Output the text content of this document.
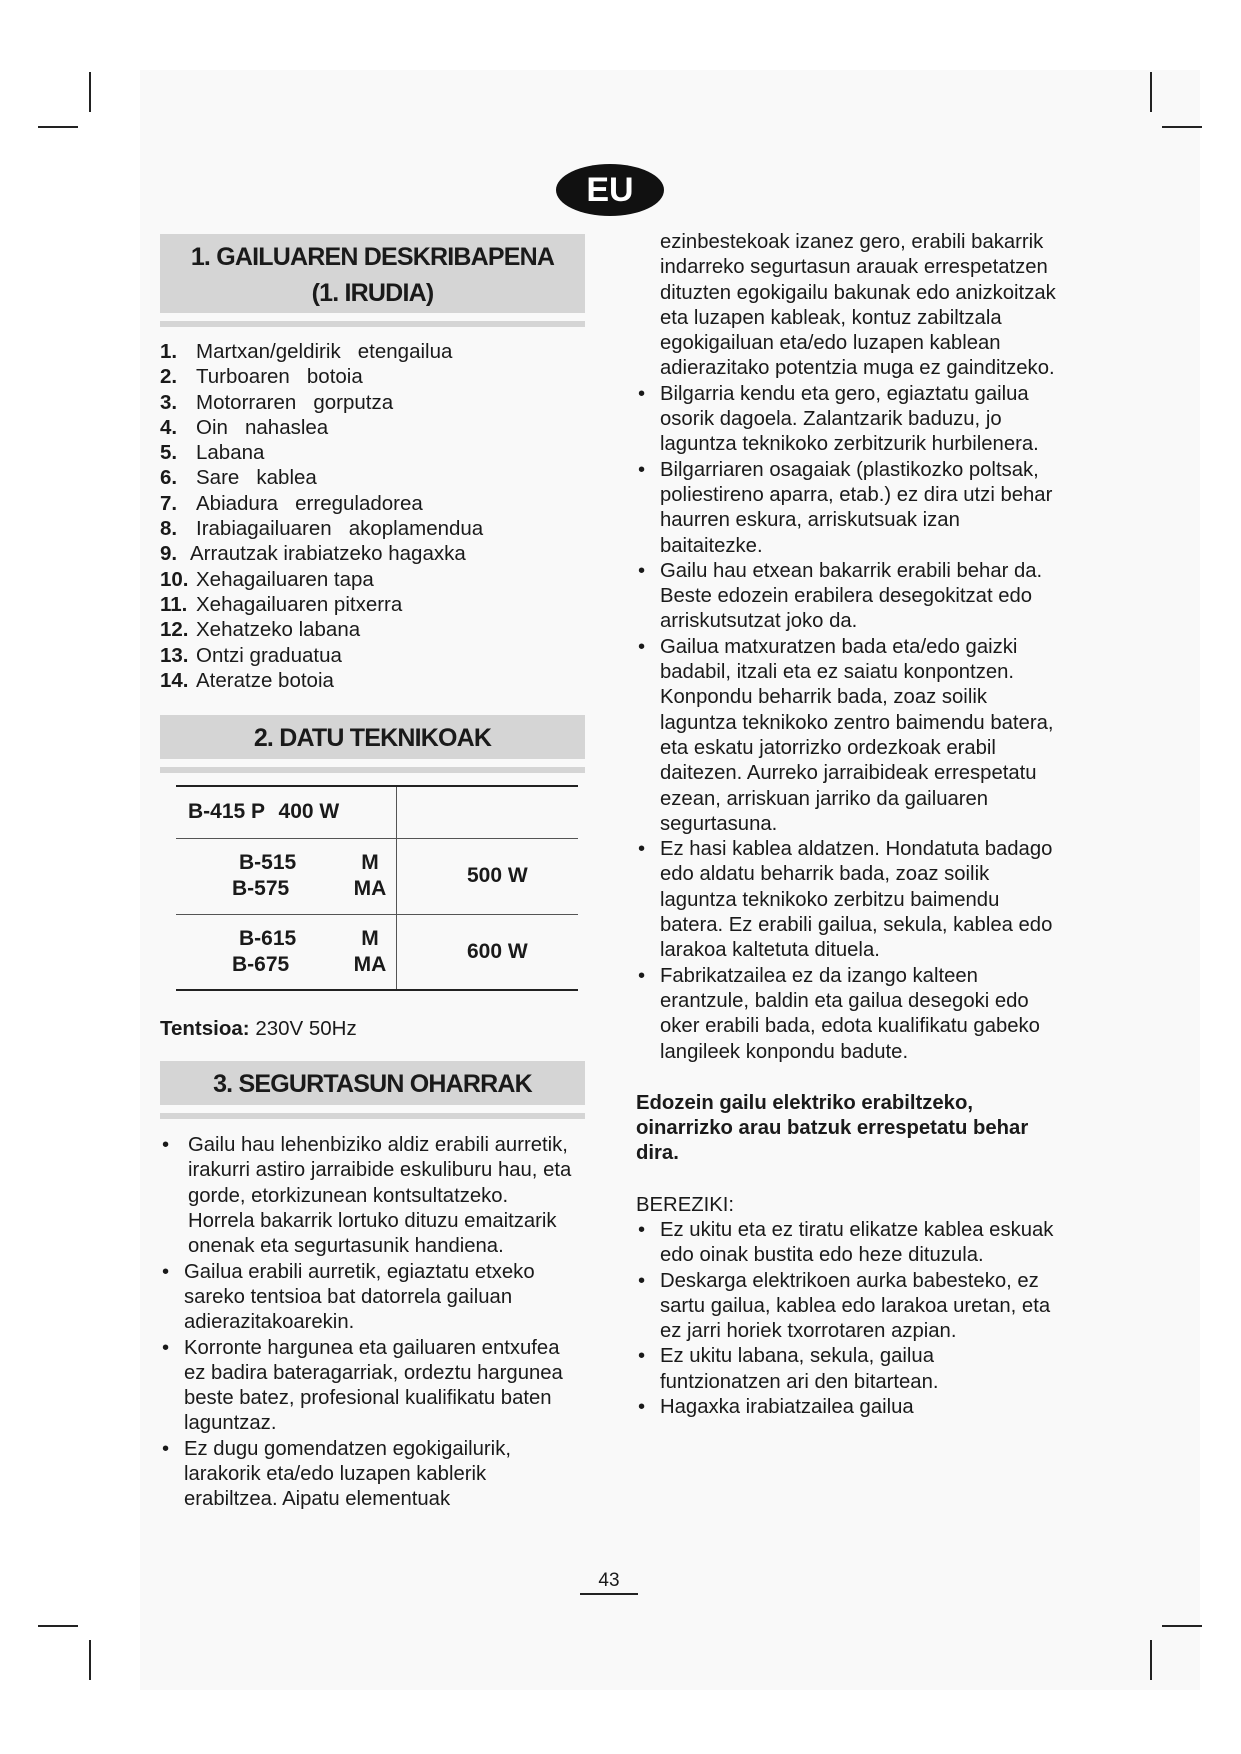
EU
1. GAILUAREN DESKRIBAPENA
(1. IRUDIA)
1. Martxan/geldirik   etengailua
2. Turboaren   botoia
3. Motorraren   gorputza
4. Oin   nahaslea
5. Labana
6. Sare   kablea
7. Abiadura   erreguladorea
8. Irabiagailuaren   akoplamendua
9. Arrautzak irabiatzeko hagaxka
10. Xehagailuaren tapa
11. Xehagailuaren pitxerra
12. Xehatzeko labana
13. Ontzi graduatua
14. Ateratze botoia
2. DATU TEKNIKOAK
B-415 P 400 W	

B-515 M
B-575 MA	500 W

B-615 M
B-675 MA	600 W
Tentsioa: 230V 50Hz
3. SEGURTASUN OHARRAK
• Gailu hau lehenbiziko aldiz erabili aurretik, irakurri astiro jarraibide eskuliburu hau, eta gorde, etorkizunean kontsultatzeko. Horrela bakarrik lortuko dituzu emaitzarik onenak eta segurtasunik handiena.
• Gailua erabili aurretik, egiaztatu etxeko sareko tentsioa bat datorrela gailuan adierazitakoarekin.
• Korronte hargunea eta gailuaren entxufea ez badira bateragarriak, ordeztu hargunea beste batez, profesional kualifikatu baten laguntzaz.
• Ez dugu gomendatzen egokigailurik, larakorik eta/edo luzapen kablerik erabiltzea. Aipatu elementuak
ezinbestekoak izanez gero, erabili bakarrik indarreko segurtasun arauak errespetatzen dituzten egokigailu bakunak edo anizkoitzak eta luzapen kableak, kontuz zabiltzala egokigailuan eta/edo luzapen kablean adierazitako potentzia muga ez gainditzeko.
• Bilgarria kendu eta gero, egiaztatu gailua osorik dagoela. Zalantzarik baduzu, jo laguntza teknikoko zerbitzurik hurbilenera.
• Bilgarriaren osagaiak (plastikozko poltsak, poliestireno aparra, etab.) ez dira utzi behar haurren eskura, arriskutsuak izan baitaitezke.
• Gailu hau etxean bakarrik erabili behar da. Beste edozein erabilera desegokitzat edo arriskutsutzat joko da.
• Gailua matxuratzen bada eta/edo gaizki badabil, itzali eta ez saiatu konpontzen. Konpondu beharrik bada, zoaz soilik laguntza teknikoko zentro baimendu batera, eta eskatu jatorrizko ordezkoak erabil daitezen. Aurreko jarraibideak errespetatu ezean, arriskuan jarriko da gailuaren segurtasuna.
• Ez hasi kablea aldatzen. Hondatuta badago edo aldatu beharrik bada, zoaz soilik laguntza teknikoko zerbitzu baimendu batera. Ez erabili gailua, sekula, kablea edo larakoa kaltetuta dituela.
• Fabrikatzailea ez da izango kalteen erantzule, baldin eta gailua desegoki edo oker erabili bada, edota kualifikatu gabeko langileek konpondu badute.
Edozein gailu elektriko erabiltzeko, oinarrizko arau batzuk errespetatu behar dira.
BEREZIKI:
• Ez ukitu eta ez tiratu elikatze kablea eskuak edo oinak bustita edo heze dituzula.
• Deskarga elektrikoen aurka babesteko, ez sartu gailua, kablea edo larakoa uretan, eta ez jarri horiek txorrotaren azpian.
• Ez ukitu labana, sekula, gailua funtzionatzen ari den bitartean.
• Hagaxka irabiatzailea gailua
43
